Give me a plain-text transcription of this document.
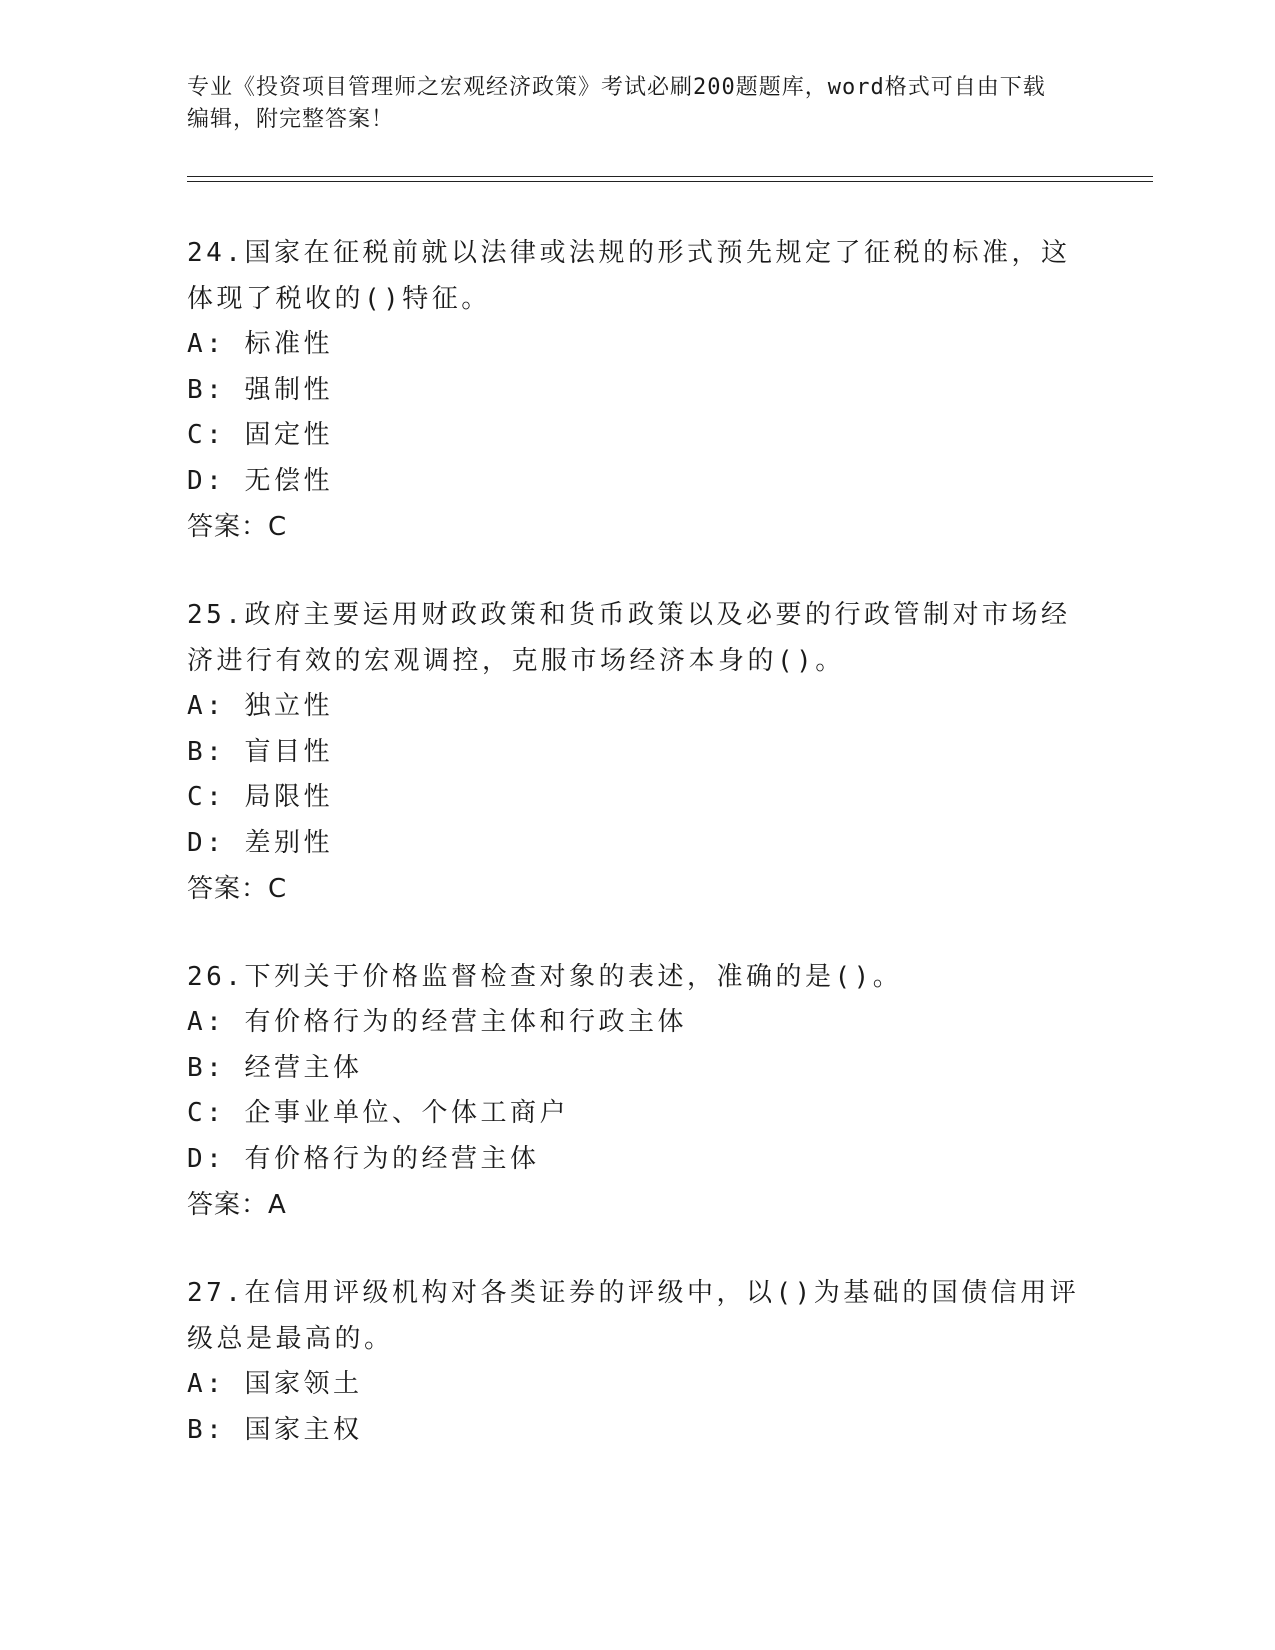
专业《投资项目管理师之宏观经济政策》考试必刷200题题库，word格式可自由下载编辑，附完整答案！

24.国家在征税前就以法律或法规的形式预先规定了征税的标准，这体现了税收的()特征。

A: 标准性

B: 强制性

C: 固定性

D: 无偿性

答案：C

25.政府主要运用财政政策和货币政策以及必要的行政管制对市场经济进行有效的宏观调控，克服市场经济本身的()。

A: 独立性

B: 盲目性

C: 局限性

D: 差别性

答案：C

26.下列关于价格监督检查对象的表述，准确的是()。

A: 有价格行为的经营主体和行政主体

B: 经营主体

C: 企事业单位、个体工商户

D: 有价格行为的经营主体

答案：A

27.在信用评级机构对各类证券的评级中，以()为基础的国债信用评级总是最高的。

A: 国家领土

B: 国家主权
